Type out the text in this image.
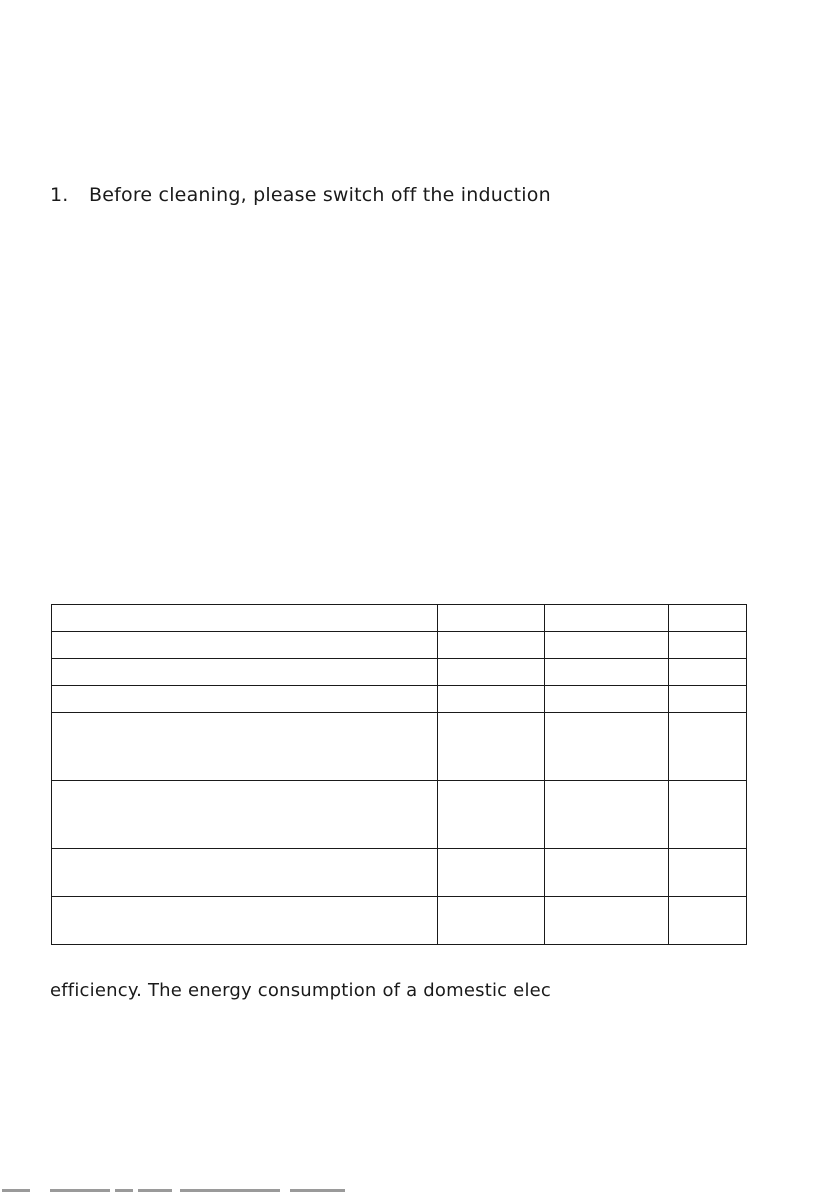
1. Before cleaning, please switch off the induction

efficiency. The energy consumption of a domestic elec
